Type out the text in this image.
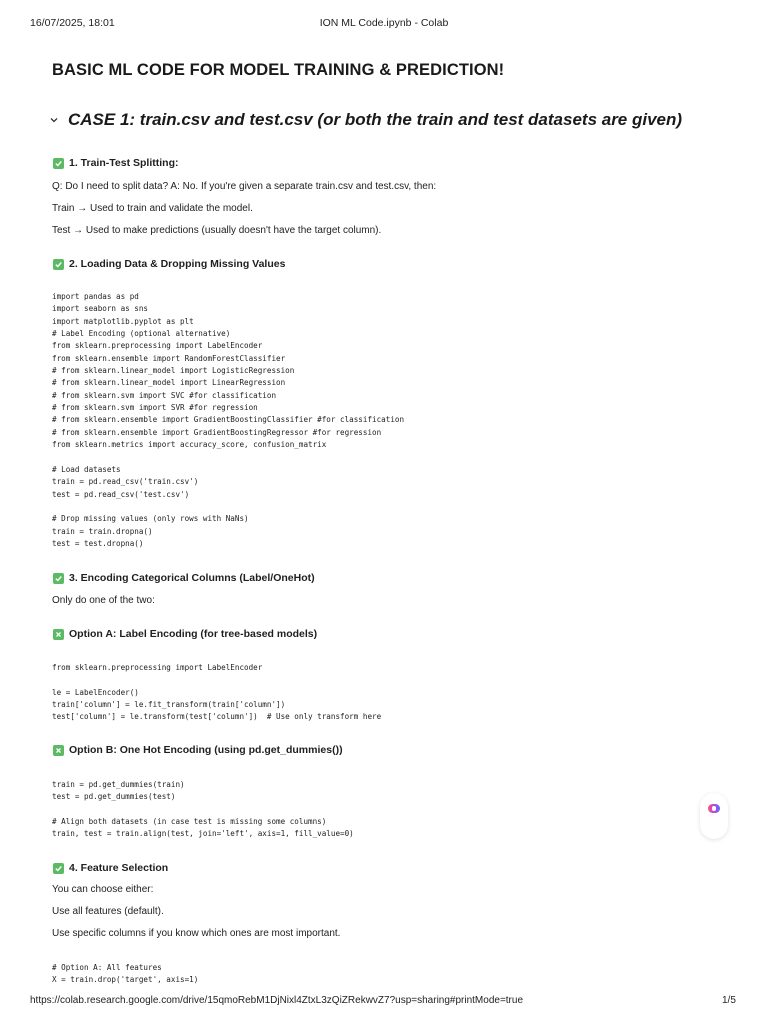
16/07/2025, 18:01	ION ML Code.ipynb - Colab
BASIC ML CODE FOR MODEL TRAINING & PREDICTION!
CASE 1: train.csv and test.csv (or both the train and test datasets are given)
1. Train-Test Splitting:
Q: Do I need to split data? A: No. If you're given a separate train.csv and test.csv, then:
Train → Used to train and validate the model.
Test → Used to make predictions (usually doesn't have the target column).
2. Loading Data & Dropping Missing Values
import pandas as pd
import seaborn as sns
import matplotlib.pyplot as plt
# Label Encoding (optional alternative)
from sklearn.preprocessing import LabelEncoder
from sklearn.ensemble import RandomForestClassifier
# from sklearn.linear_model import LogisticRegression
# from sklearn.linear_model import LinearRegression
# from sklearn.svm import SVC #for classification
# from sklearn.svm import SVR #for regression
# from sklearn.ensemble import GradientBoostingClassifier #for classification
# from sklearn.ensemble import GradientBoostingRegressor #for regression
from sklearn.metrics import accuracy_score, confusion_matrix

# Load datasets
train = pd.read_csv('train.csv')
test = pd.read_csv('test.csv')

# Drop missing values (only rows with NaNs)
train = train.dropna()
test = test.dropna()
3. Encoding Categorical Columns (Label/OneHot)
Only do one of the two:
Option A: Label Encoding (for tree-based models)
from sklearn.preprocessing import LabelEncoder

le = LabelEncoder()
train['column'] = le.fit_transform(train['column'])
test['column'] = le.transform(test['column'])  # Use only transform here
Option B: One Hot Encoding (using pd.get_dummies())
train = pd.get_dummies(train)
test = pd.get_dummies(test)

# Align both datasets (in case test is missing some columns)
train, test = train.align(test, join='left', axis=1, fill_value=0)
4. Feature Selection
You can choose either:
Use all features (default).
Use specific columns if you know which ones are most important.
# Option A: All features
X = train.drop('target', axis=1)
https://colab.research.google.com/drive/15qmoRebM1DjNixl4ZtxL3zQiZRekwvZ7?usp=sharing#printMode=true	1/5
